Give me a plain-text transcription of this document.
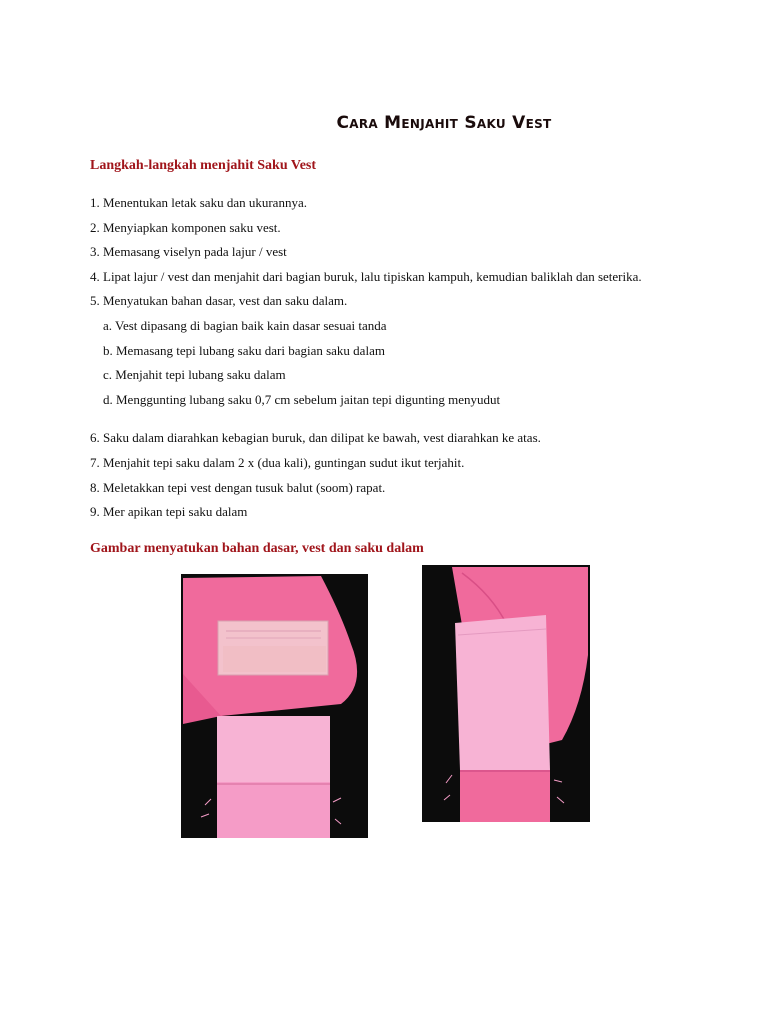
Cara Menjahit Saku Vest
Langkah-langkah menjahit Saku Vest
1. Menentukan letak saku dan ukurannya.
2. Menyiapkan komponen saku vest.
3. Memasang viselyn pada lajur / vest
4. Lipat lajur / vest dan menjahit dari bagian buruk, lalu tipiskan kampuh, kemudian baliklah dan seterika.
5. Menyatukan bahan dasar, vest dan saku dalam.
a. Vest dipasang di bagian baik kain dasar sesuai tanda
b. Memasang tepi lubang saku dari bagian saku dalam
c. Menjahit tepi lubang saku dalam
d. Menggunting lubang saku 0,7 cm sebelum jaitan tepi digunting menyudut
6. Saku dalam diarahkan kebagian buruk, dan dilipat ke bawah, vest diarahkan ke atas.
7. Menjahit tepi saku dalam 2 x (dua kali), guntingan sudut ikut terjahit.
8. Meletakkan tepi vest dengan tusuk balut (soom) rapat.
9. Mer apikan tepi saku dalam
Gambar menyatukan bahan dasar, vest dan saku dalam
